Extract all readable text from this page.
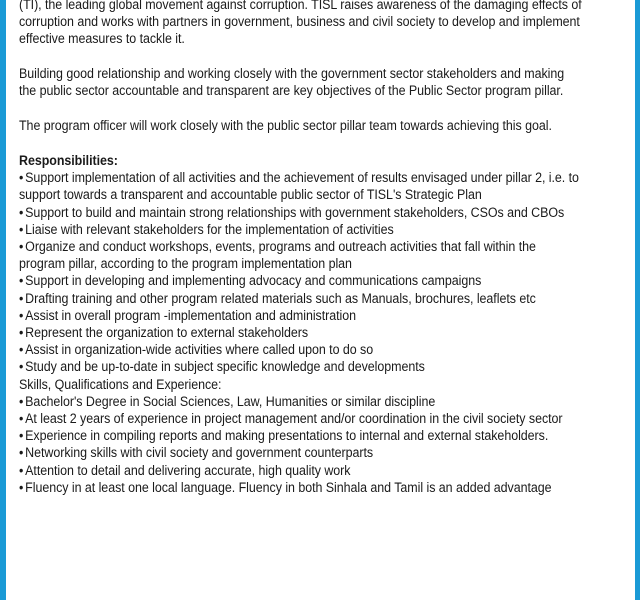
(TI), the leading global movement against corruption. TISL raises awareness of the damaging effects of corruption and works with partners in government, business and civil society to develop and implement effective measures to tackle it.

Building good relationship and working closely with the government sector stakeholders and making the public sector accountable and transparent are key objectives of the Public Sector program pillar.

The program officer will work closely with the public sector pillar team towards achieving this goal.

Responsibilities:

• Support implementation of all activities and the achievement of results envisaged under pillar 2, i.e. to support towards a transparent and accountable public sector of TISL's Strategic Plan

• Support to build and maintain strong relationships with government stakeholders, CSOs and CBOs

• Liaise with relevant stakeholders for the implementation of activities

• Organize and conduct workshops, events, programs and outreach activities that fall within the program pillar, according to the program implementation plan

• Support in developing and implementing advocacy and communications campaigns

• Drafting training and other program related materials such as Manuals, brochures, leaflets etc

• Assist in overall program -implementation and administration

• Represent the organization to external stakeholders

• Assist in organization-wide activities where called upon to do so

• Study and be up-to-date in subject specific knowledge and developments

Skills, Qualifications and Experience:

• Bachelor's Degree in Social Sciences, Law, Humanities or similar discipline

• At least 2 years of experience in project management and/or coordination in the civil society sector

• Experience in compiling reports and making presentations to internal and external stakeholders.

• Networking skills with civil society and government counterparts

• Attention to detail and delivering accurate, high quality work

• Fluency in at least one local language. Fluency in both Sinhala and Tamil is an added advantage
